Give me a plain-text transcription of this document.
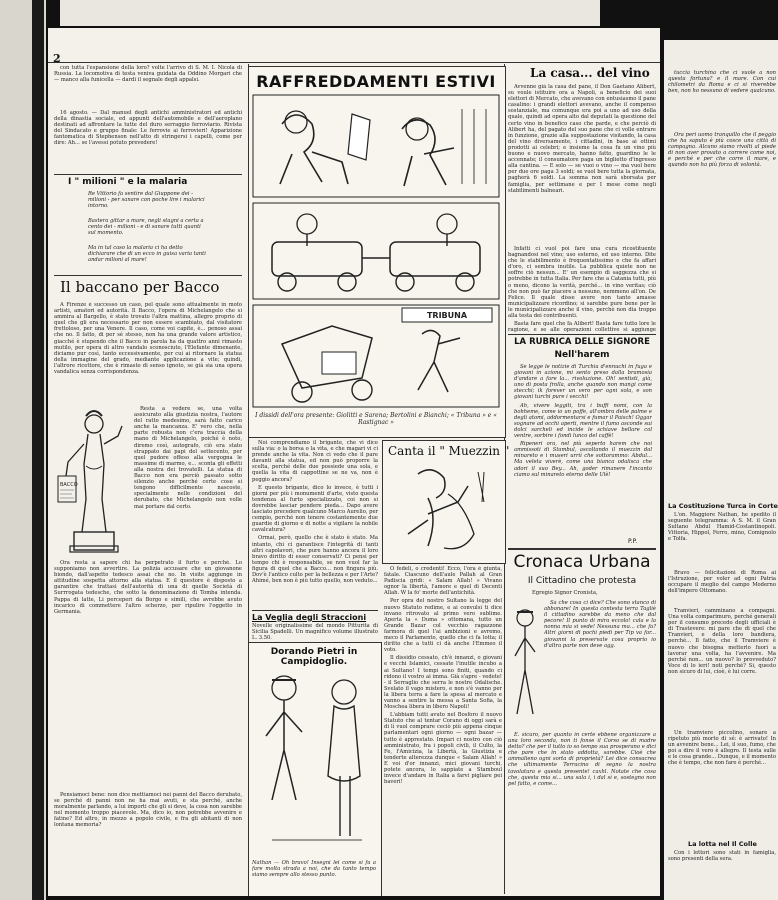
con tutta l'espansione della loro? volte l'arrivo di S. M. I. Nicola di Russia. La locomotiva di testa veniva guidata da Oddino Morgari che — manco alla funicella — dardi il segnale degli appalsi.

16 agosto. — Dal manuel degli antichi amministratori ed antichi della dinastia sociale, ed appunti dell'automobile e dell'aeroplano destinati ad affrontare la tutte del duro serraggio ferroviario. Rivista del Sindacato e gruppo finale: Le ferrovie ai ferrovieri! Apparizione fantomatica di Stephenson nell'atto di stringersi i capelli, come per dire: Ah... se l'avessi potuto prevedere!

I " milioni " e la malaria

Re Vittorio fa sentire dal Giuppone dei - milioni - per sanare con poche lire i malarici intorno.

Bastera gittar a mare, negli stagni a certa a cento dei - milioni - e di sanare tutti quanti sul momento.

Ma in tal caso la malaria ci ha detto dichiarare che di un ecco in guisa varia tanti andar milioni al mare!

Il baccano per Bacco

A Firenze è successo un caso, pel quale sono attualmente in moto artisti, amatori ed autorità. Il Bacco, l'opera di Michelangelo che si ammira al Bargello, è stato trovato l'altra mattina, allegro proprio di quel che gli era necessario per non essere scambiato, dal visitatore frettoloso, per una Venere. Il caso, come voi capite, è... penoso assai che no. Il fatto, di per sé stesso, non ha una grande valore artistico, giacché è stupendo che il Bacco in parola ha da quattro anni rimasto mutilo, per opera di altro vandalo sconosciuto, l'Elefante dimenante, diciamo pur così, tanto eccessivamente, per cui ai ritornare la statua della immagine del grado, mediante applicazione a vite; quindi, l'altrore ricettore, che è rimasto di senso ignoto, se già sia una opera vandalica senza corrispondenza.

BACCO

Resta a vedere se, una volta assicurato alla giustizia nostra, l'autore del ratto medesimo, sarà fatto carico anche la mancanza. E' vero che, nella parte robusta non c'era traccia della mano di Michelangelo, poiché è noto, diremo così, autografo, ciò era stato strappato dai papi del settecento, per quel pudore offeso alla vergogna le massime di marmo, e... sconta gli effetti alla nostra dei trovatelli. La statua di Bacco non era perciò passato sotto silenzio anche perché certe cose si tengono difficilmente nascoste, specialmente nelle condizioni del derubato, che Michelangelo non volle mai portare dal certo.

Ora resta a sapere chi ha perpetrato il furto e perché. Lo supponiamo non avvertire. La polizia accusare che un giovanone biondo, dall'aspetto tedesco assai che no. In visite aggiunge in attitudine sospetta attorno alla statua. E il questore è disposto a garantire che trattasi dell'autorità di una di quelle Società di Surrrogata tedesche, che sotto la denominazione di Tomba intenda. Pappa di latte, Li perceperi da Borgo e simili, che avrebbe avuto incarico di commettere l'altro scherzo, per ripulire l'oggetto in Germania.

Pensiamoci bene: non dice mettiamoci nei panni del Bacco derubato, se perché di panni non ne ha mai avuti, e sta perché, anche moralmente parlando, a lui importi che gli si deve, la cosa non sarebbe nel momento troppo piacevole. Ma, dico io, non potrebbe avvenire e fatine? Ed altro, in mezzo a popolo civile, e fra gli abitanti di non lontana memoria?

RAFFREDDAMENTI ESTIVI
TRIBUNA
I dissidi dell'ora presente: Giolitti e Sarena; Bertolini e Bianchi; « Tribuna » e « Rastignac »

Noi comprendiamo il brigante, che vi dice sulla via: o la borsa o la vita, e che magari vi ci prende anche la vita. Non ci vedo che il pare davanti alla statua, ed non può proporre la scelta, perché delle due possiede una sola, e quella la vita di cappottine se ne va, non è peggio ancora?

E questo brigante, dico lo invece, è tutti i giorni per più i monumenti d'arte, visto questa tendenza al furto specializzato, coi non si dovrebbe lasciar pendere pieda... Dapo avere lasciato precedere qualcuno Marco Aurelio, per cempio, perché non tenere costantemente due guardie di giorno e di notte a vigilare la nobile cavalcatura?

Ormai, però, quello che è stato è stato. Ma intanto, chi ci garantisce l'integrità di tanti altri capolavori, che pure hanno ancora il loro bravo diritto di esser conservati? Ci pensi per tempo chi è responsabile, se non vuol far la figura di quel che a Bacco... non fingura più. Dov'è l'antico culto per la bellezza e per l'Arte? Ahimé, ben non è più tutto quello, non veduto...

La Veglia degli Straccioni

Novelle originalissime del mondo Pitturita di Sicilia Spadelli. Un magnifico volume illustrato L. 3.50.

Dorando Pietri in Campidoglio.

Nathan — Oh bravo! Insegni lei come si fa a fare molta strada a noi, che da tanto tempo siamo sempre allo stesso punto.

Canta il " Muezzin "

O fedeli, o credenti! Ecco, l'ora è giunta, fatale. Ciascuno dell'aule Pallah al Gran Padiscia gridi: « Salam Allah! » Vivano ognor la libertà, l'amore e quel di Decenti Allah. W la fo' morte dell'antichità.

Per opra del nostro Sultano la legge del nuovo Statuto redime, e ai convulsi ti dice invano ritrovato al primo vero sublime. Aperta la « Duma » ottomana, tutto un Grande Bazar col vecchio ragazzone farmora di quel l'ai ambizioni e avremo, meco il Parlamento, quello che ci fa lotta; il diritto che a tutti ci dà anche l'Emmeo il voto.

Il dissidio cessato, ch'è innanzi, o giovani e vecchi Islamici, cessate l'inutile incubo a ai Sultano! I tempi sono finiti, quando ci ridono il vostro ai imma. Già s'apre - vedete! - il Serraglio che serra le nostre Odalische. Svelato il vago mistero, e non s'è vanno per la libera terra a fare la spesa al mercato e vanno a sentire la messa a Santa Sofia, la Moschea libera in libero Napoli!

L'abbiam tutti avuto nel Bosforo il nuovo Statuto che al tentar Corano di oggi sarà e di lì vuol comprare ceciò più appena cinque parlamentari ogni giorno — ogni bazar — tutto è apprestato. Impari ci nostro con ciò amministrato, fra i popoli civili, il Culto, la Fe, l'Amicizia, la Libertà, la Giustizia e tenderte alterezza dunque « Salam Allah! » E voi d'or innanzi, mici giovani turchi, potete ancora, lo sappiate a Stamboul invece d'andare in Italia a farvi pigliare pei baveri!

La casa... del vino

Avvenne già la casa del pane, il Don Gaetano Alibert, su voule istituire ora a Napoli, a beneficio dei suoi elettori di Mercato, che avevano con entusiasmo il pane casalino: i grandi elettori avevano, anche il compenso sostanziale, ma comunque era poi a uno ad uso della quale, quindi ad opera alto dal deputati la questione del certo vino in benefico caso che parde, e che perciò di Alibert ha, del pagato del suo pane che ci volle entrare in funzione, grazie alla suppostazione visitando, la casa del vino diversamente, i cittadini, in base ai ottimi prodotti ai celebri; e insieme la cosa fu un vino più buono e nuovo mercato, hanno fatto, guardino le le accennate; il consumatore paga un biglietto d'ingresso alla cantina. — E solo — se vuoi o vino — ma vuol bere per due ore paga 3 soldi; se vuol bere tutta la giornata, pagherà 6 soldi. La somma non sarà sborsata per famiglia, per settimane e per I mese come negli stabilimenti balneari.

Infatti ci vuol poi fare una cura ricostituente bagnandosi nel vino; uso esterno, ed uso interno. Dite che le stabilimento è frequentatissimo e che fa affari d'oro, ci sembra inutile. La pubblica quiete non ne soffre ciò nessun... E' un esempio di saggezza che si potrebbe in tutta Italia. Per fare che a Catania tutti, più o meno, dicono la verità, perché... in vino veritas; ciò che non può far piacere a nessuno, nemmeno all'on. De Felice. Il quale disse avere non tanto amasse municipalizzare ricordino; si sarebbe pure bene per le le municipalizzare anche il vino, perchè non dia troppo alla testa dei contribuenti.

Basta fare quel che fa Alibert! Basta fare tutto lore le ragione, e se alle operazioni collettive si aggiunge

LA RUBRICA DELLE SIGNORE
Nell'harem

Se legge le notizie di Turchia d'ennuchi in fuga e giovani in azione, mi sento preso dalla bramosia d'andare a fare la... rivoluzione. Oh! sentisti, già, uno di posta frolla, anche quando non mangi come stecchi; ik forever un vero per ogni sola, e son giovani turchi pure i vecchi!

Ah, vivere leggiti, tra i buffi nomi, con la bohheme, come io un poffe, all'ombra delle palme e degli atomi, addormentarsi e fumar il Paisch! Oggar sognare ad occhi aperti, mentre il fumo asconde sui dolci sarcheli ed incide le schiave bellare col ventre, sorbire i fondi lunco del caffè!

Ripeneri ora, nel più seperto harem che noi ammissoti di Stambul, ascoltando il muezzin dal minareto e i museri urriì che sottorammo: Abdul... Ma veleta viverè, come una bianca odalisca che adori il suo Bey... Ah, goder rimanere l'incanto ciamo sul minareto eterno delle Ulè!

P.P.
Cronaca Urbana
Il Cittadino che protesta

Egregio Signor Cronista,

Sa che cosa ci dice? Che sono stanco di abbonare! In questa contesta terra Tagliè il cittadino sarebbe da meno che dal pecore! Il punto di mira eccolo! cala e la nonna mia si vede! Nessuna ma... che fa? Altri giorni di pochi piedi per Tip va far... giovanni la preservate cosa proprio io d'altra parte non deve agg.

E. sicuro, per quanto in certe ebbene organizzare a una loro seconda, non ti fonse il Corso se di madre detto? che per il tutto io so tempo sua prosperano e dici che pare che in stato addotta, sarebbe. Cioè che ammalieno ogni sorta di proprietà? Lei dice consacrea che ultimamente Terracino di segno la nostra tavolatura e questa presente! caxhl. Notate che cosa che, questa mia si... una sala i, i dal sì e, sostegno non pel fatto, e come...

tuccia turchina che ci vuole a non questa fortuna? e il mare. Con cui chilometri da Roma e ci si riverebbe ben, non ho nessuno di vedere qualcuno.

Ora peri uomo tranquillo che il peggio che ha saputo è più cosce una città di campagna. Alcuno siamo rivolti al piede di non aver provato a correre come noi, e perché e per che corre il mare, e quando non ha più forza di volontà.

La Costituzione Turca in Corte

L'on. Maggiore Nathan, he spedito il seguente telegramma: A S. M. il Gran Sultano Abdul Hamid-Costantinopoli. Vittoria, Hippol, Ferro, mino, Comignolo e Tolfa.

Bravo — felicitazioni di Roma ai l'Istruzione, per voler ad ogni Patria occupare il meglio del campo Moderno dell'impero Ottomano.

Tranvieri, camminano a compagni. Una volta comparimuro, perché generali per il consumo precedo degli ufficiali è di Trastevere: mi pare che di quel che Tranvieri, e della loro bandiera, perché... Il fatto, che il Tramviere è nuovo che bisogna metterlo fuori a lavorar una volta, ha l'avvenire. Ma perché non... un nuovo? lo provveduto? Voce di lo ieri! noti perché? Si, questo non sicuro di lui, cioè, è lui corre.

Un tramviere piccolino, sonare a ripetuto più morto di sé: è arrivato! In un avvenire bene... Lei, il suo, fumo, che poi a dire il vero è allegro. Il testa sulle e le cosa grande... Dunque, e il momento che è tempo, che non fare è perché...

La lotta nel Il Colle

Con i lettori sono stati in famiglia, sono presenti della sera.

2
